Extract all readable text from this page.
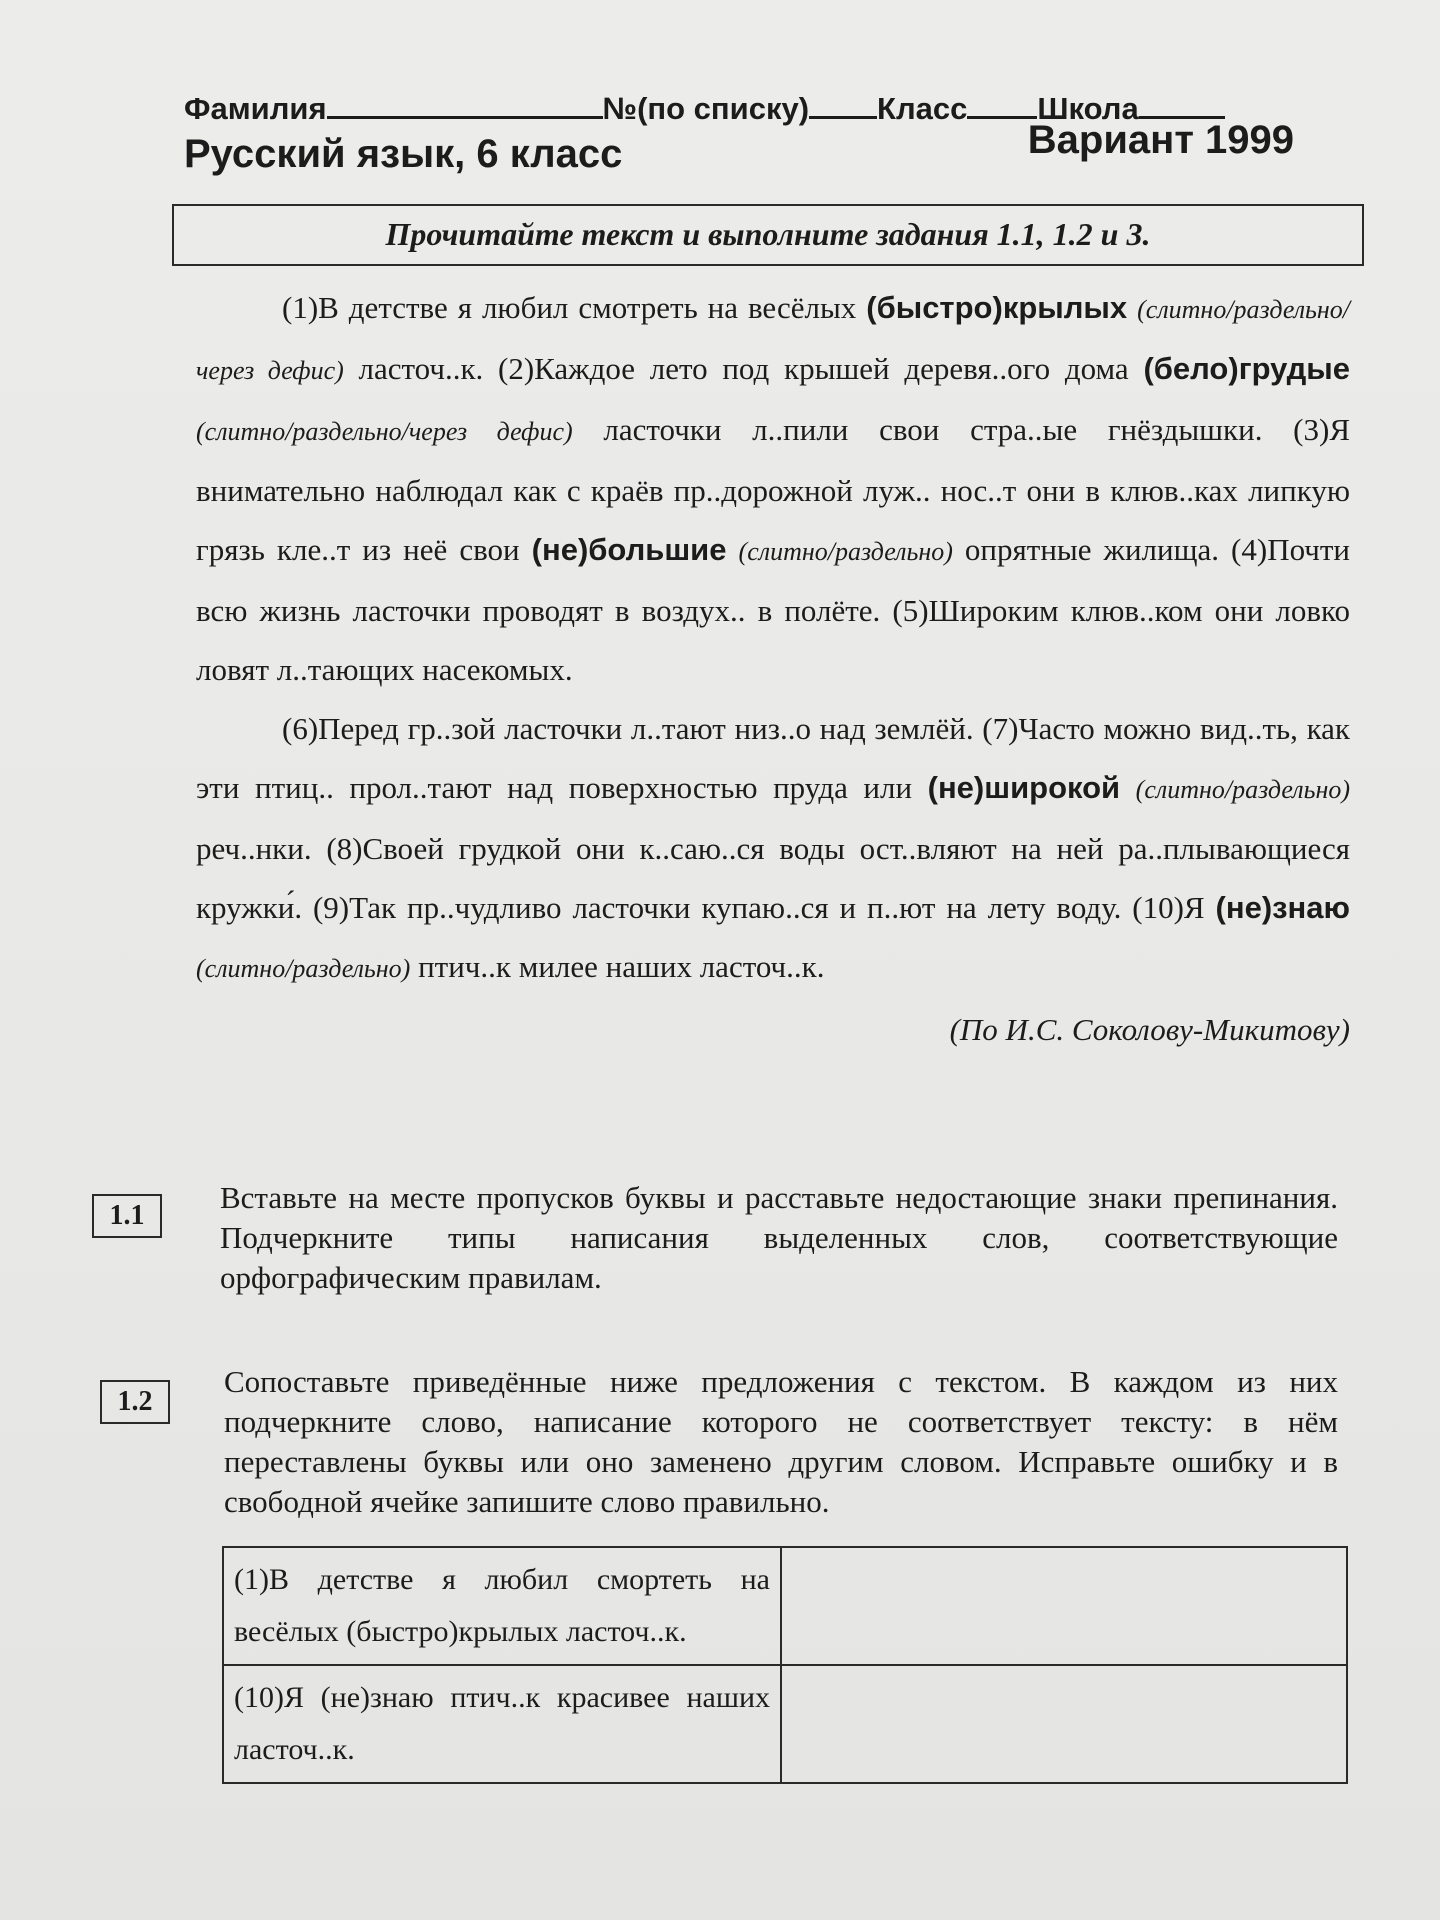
Фамилия	№(по списку) Класс Школа
Русский язык, 6 класс	Вариант 1999
Прочитайте текст и выполните задания 1.1, 1.2 и 3.

(1)В детстве я любил смотреть на весёлых (быстро)крылых (слитно/раздельно/через дефис) ласточ..к. (2)Каждое лето под крышей деревя..ого дома (бело)грудые (слитно/раздельно/через дефис) ласточки л..пили свои стра..ые гнёздышки. (3)Я внимательно наблюдал как с краёв пр..дорожной луж.. нос..т они в клюв..ках липкую грязь кле..т из неё свои (не)большие (слитно/раздельно) опрятные жилища. (4)Почти всю жизнь ласточки проводят в воздух.. в полёте. (5)Широким клюв..ком они ловко ловят л..тающих насекомых.

(6)Перед гр..зой ласточки л..тают низ..о над землёй. (7)Часто можно вид..ть, как эти птиц.. прол..тают над поверхностью пруда или (не)широкой (слитно/раздельно) реч..нки. (8)Своей грудкой они к..саю..ся воды ост..вляют на ней ра..плывающиеся кружки́. (9)Так пр..чудливо ласточки купаю..ся и п..ют на лету воду. (10)Я (не)знаю (слитно/раздельно) птич..к милее наших ласточ..к.

(По И.С. Соколову-Микитову)
1.1
Вставьте на месте пропусков буквы и расставьте недостающие знаки препинания. Подчеркните типы написания выделенных слов, соответствующие орфографическим правилам.
1.2
Сопоставьте приведённые ниже предложения с текстом. В каждом из них подчеркните слово, написание которого не соответствует тексту: в нём переставлены буквы или оно заменено другим словом. Исправьте ошибку и в свободной ячейке запишите слово правильно.
(1)В детстве я любил смортеть на весёлых (быстро)крылых ласточ..к.	
(10)Я (не)знаю птич..к красивее наших ласточ..к.	
